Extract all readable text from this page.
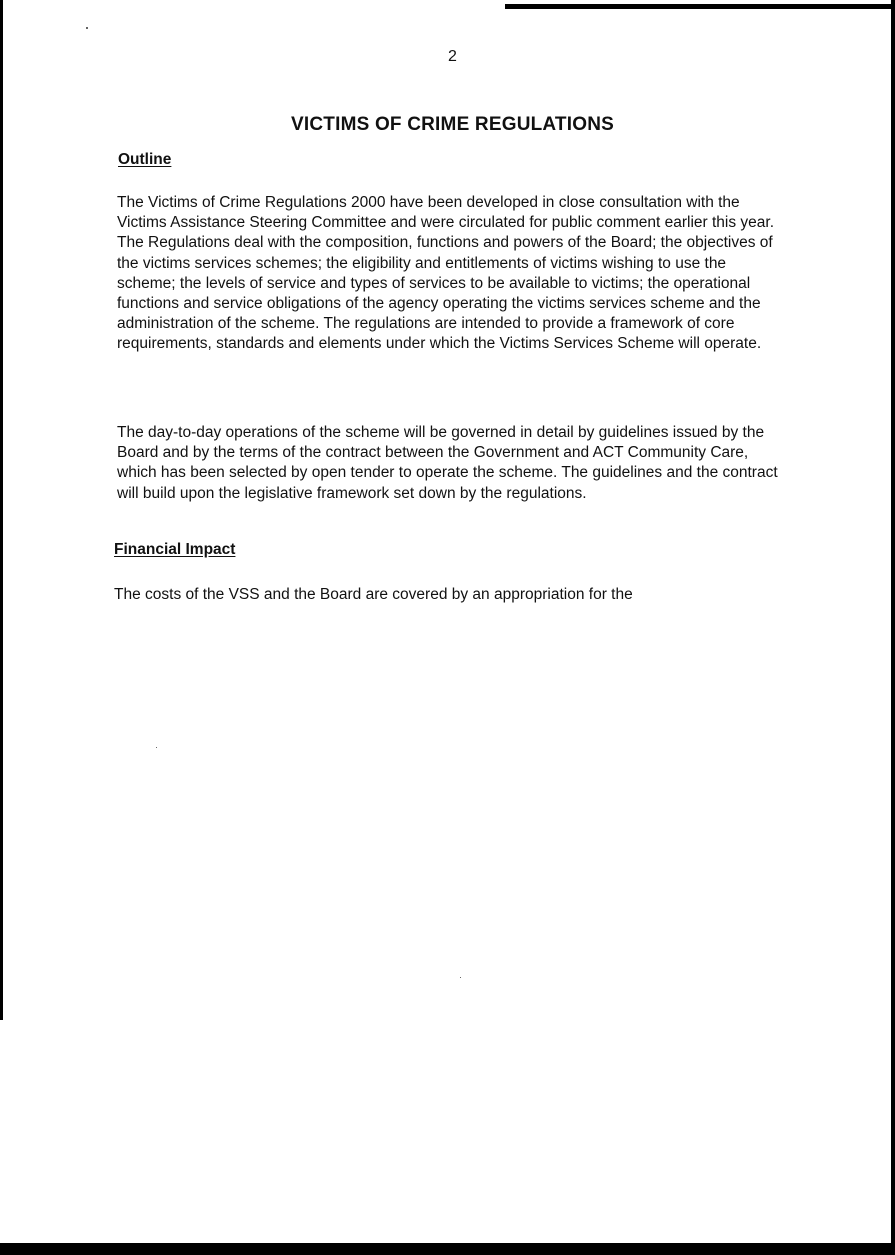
2
VICTIMS OF CRIME REGULATIONS
Outline

The Victims of Crime Regulations 2000 have been developed in close consultation with the Victims Assistance Steering Committee and were circulated for public comment earlier this year. The Regulations deal with the composition, functions and powers of the Board; the objectives of the victims services schemes; the eligibility and entitlements of victims wishing to use the scheme; the levels of service and types of services to be available to victims; the operational functions and service obligations of the agency operating the victims services scheme and the administration of the scheme. The regulations are intended to provide a framework of core requirements, standards and elements under which the Victims Services Scheme will operate.

The day-to-day operations of the scheme will be governed in detail by guidelines issued by the Board and by the terms of the contract between the Government and ACT Community Care, which has been selected by open tender to operate the scheme. The guidelines and the contract will build upon the legislative framework set down by the regulations.

Financial Impact

The costs of the VSS and the Board are covered by an appropriation for the
